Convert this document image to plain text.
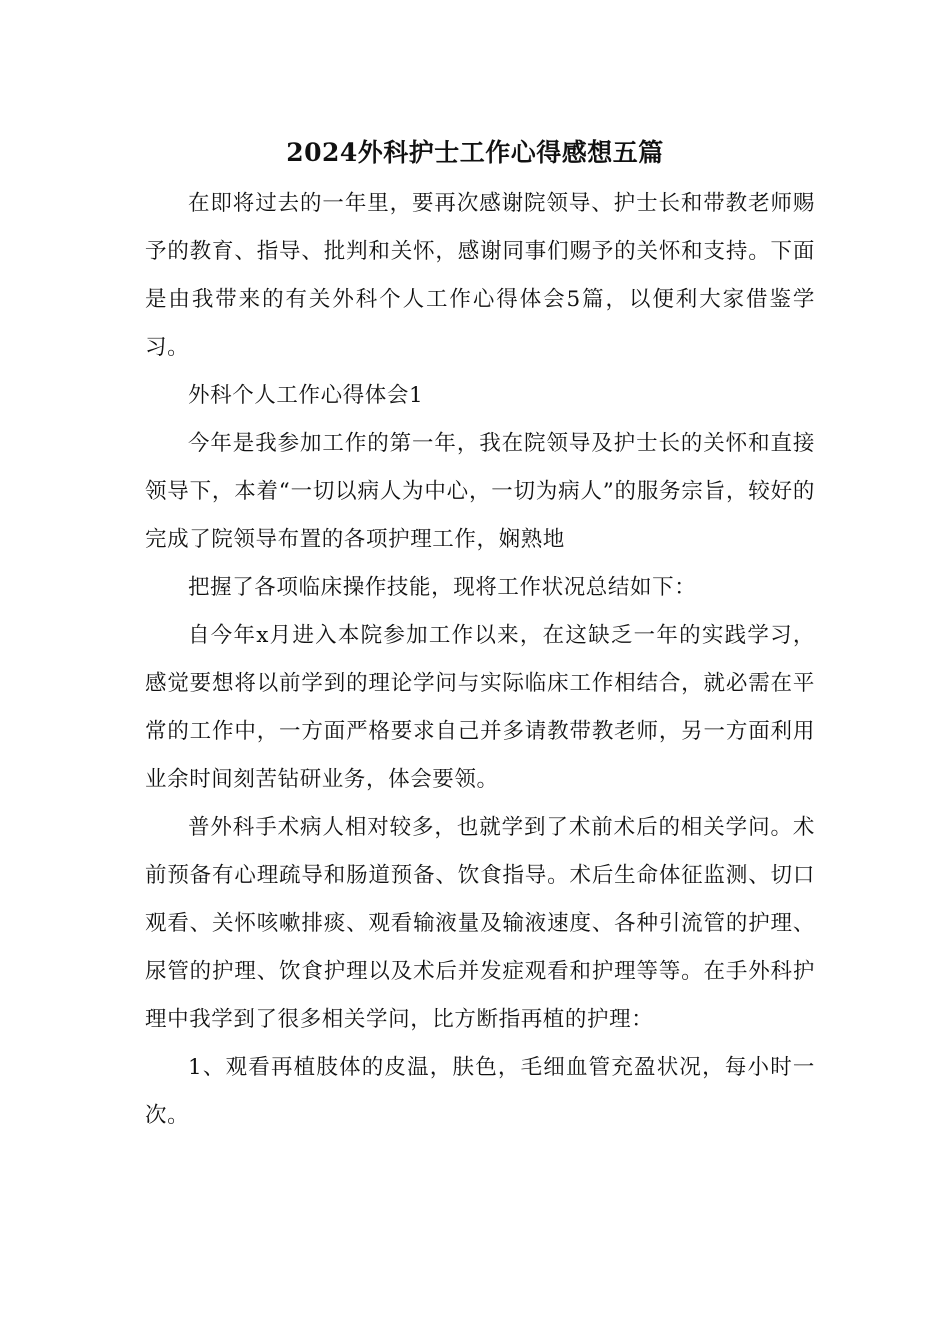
2024外科护士工作心得感想五篇

在即将过去的一年里，要再次感谢院领导、护士长和带教老师赐予的教育、指导、批判和关怀，感谢同事们赐予的关怀和支持。下面是由我带来的有关外科个人工作心得体会5篇，以便利大家借鉴学习。

外科个人工作心得体会1

今年是我参加工作的第一年，我在院领导及护士长的关怀和直接领导下，本着“一切以病人为中心，一切为病人”的服务宗旨，较好的完成了院领导布置的各项护理工作，娴熟地

把握了各项临床操作技能，现将工作状况总结如下：

自今年x月进入本院参加工作以来，在这缺乏一年的实践学习，感觉要想将以前学到的理论学问与实际临床工作相结合，就必需在平常的工作中，一方面严格要求自己并多请教带教老师，另一方面利用业余时间刻苦钻研业务，体会要领。

普外科手术病人相对较多，也就学到了术前术后的相关学问。术前预备有心理疏导和肠道预备、饮食指导。术后生命体征监测、切口观看、关怀咳嗽排痰、观看输液量及输液速度、各种引流管的护理、尿管的护理、饮食护理以及术后并发症观看和护理等等。在手外科护理中我学到了很多相关学问，比方断指再植的护理：

1、观看再植肢体的皮温，肤色，毛细血管充盈状况，每小时一次。
